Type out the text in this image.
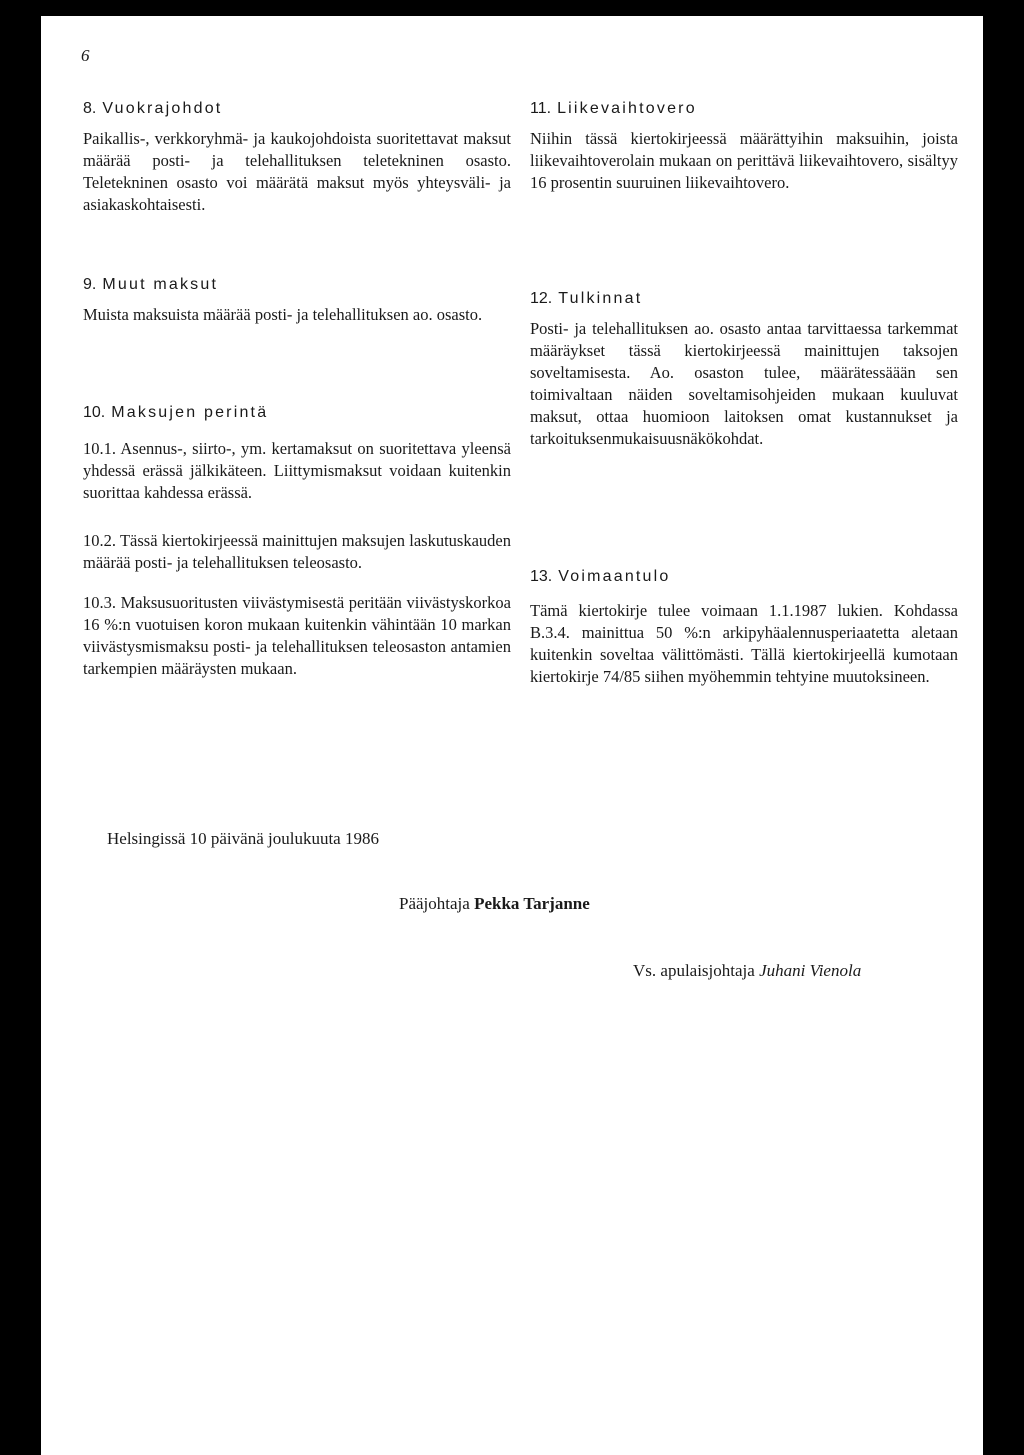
6
8. Vuokrajohdot

Paikallis-, verkkoryhmä- ja kaukojohdoista suoritettavat maksut määrää posti- ja telehallituksen teletekninen osasto. Teletekninen osasto voi määrätä maksut myös yhteysväli- ja asiakaskohtaisesti.

9. Muut maksut

Muista maksuista määrää posti- ja telehallituksen ao. osasto.

10. Maksujen perintä

10.1. Asennus-, siirto-, ym. kertamaksut on suoritettava yleensä yhdessä erässä jälkikäteen. Liittymismaksut voidaan kuitenkin suorittaa kahdessa erässä.

10.2. Tässä kiertokirjeessä mainittujen maksujen laskutuskauden määrää posti- ja telehallituksen teleosasto.

10.3. Maksusuoritusten viivästymisestä peritään viivästyskorkoa 16 %:n vuotuisen koron mukaan kuitenkin vähintään 10 markan viivästysmismaksu posti- ja telehallituksen teleosaston antamien tarkempien määräysten mukaan.

11. Liikevaihtovero

Niihin tässä kiertokirjeessä määrättyihin maksuihin, joista liikevaihtoverolain mukaan on perittävä liikevaihtovero, sisältyy 16 prosentin suuruinen liikevaihtovero.

12. Tulkinnat

Posti- ja telehallituksen ao. osasto antaa tarvittaessa tarkemmat määräykset tässä kiertokirjeessä mainittujen taksojen soveltamisesta. Ao. osaston tulee, määrätessäään sen toimivaltaan näiden soveltamisohjeiden mukaan kuuluvat maksut, ottaa huomioon laitoksen omat kustannukset ja tarkoituksenmukaisuusnäkökohdat.

13. Voimaantulo

Tämä kiertokirje tulee voimaan 1.1.1987 lukien. Kohdassa B.3.4. mainittua 50 %:n arkipyhäalennusperiaatetta aletaan kuitenkin soveltaa välittömästi. Tällä kiertokirjeellä kumotaan kiertokirje 74/85 siihen myöhemmin tehtyine muutoksineen.

Helsingissä 10 päivänä joulukuuta 1986
Pääjohtaja Pekka Tarjanne
Vs. apulaisjohtaja Juhani Vienola
